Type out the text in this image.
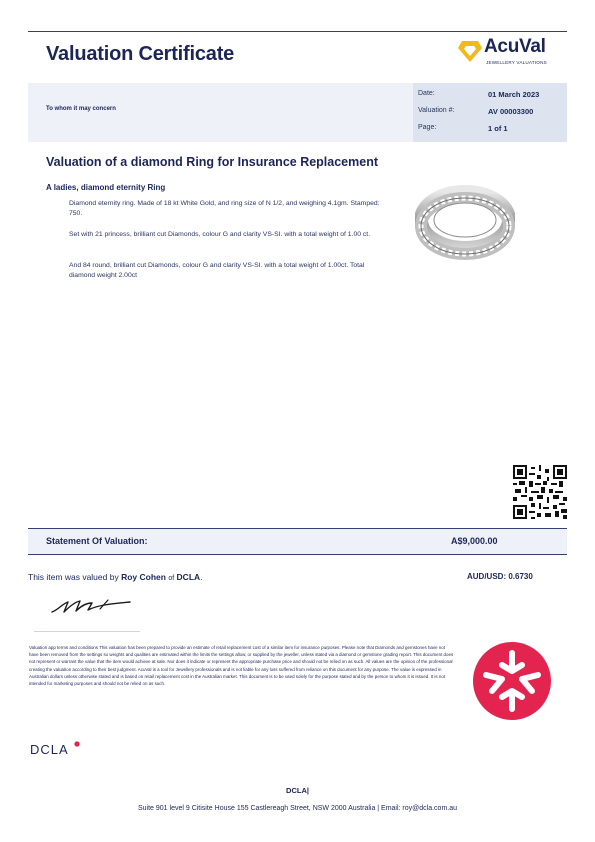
Valuation Certificate	AcuVal
JEWELLERY VALUATIONS
To whom it may concern
Date:	01 March 2023
Valuation #:	AV 00003300
Page:	1 of 1
Valuation of a diamond Ring for Insurance Replacement
A ladies, diamond eternity Ring
Diamond eternity ring. Made of 18 kt White Gold, and ring size of N 1/2, and weighing 4.1gm. Stamped: 750.
Set with 21 princess, brilliant cut Diamonds, colour G and clarity VS-SI. with a total weight of 1.00 ct.
And 84 round, brilliant cut Diamonds, colour G and clarity VS-SI. with a total weight of 1.00ct. Total diamond weight 2.00ct
Statement Of Valuation:	A$9,000.00
This item was valued by Roy Cohen of DCLA.	AUD/USD: 0.6730
Valuation app terms and conditions This valuation has been prepared to provide an estimate of retail replacement cost of a similar item for insurance purposes. Please note that Diamonds and gemstones have not have been removed from the settings so weights and qualities are estimated within the limits the settings allow, or supplied by the jeweller, unless stated via a diamond or gemstone grading report. This document does not represent or warrant the value that the item would achieve at sale. Nor does it indicate or represent the appropriate purchase price and should not be relied on as such. All values are the opinion of the professional creating the valuation according to their best judgment. AcuVal is a tool for Jewellery professionals and is not liable for any loss suffered from reliance on this document for any purpose. The value is expressed in Australian dollars unless otherwise stated and is based on retail replacement cost in the Australian market. This document is to be used solely for the purpose stated and by the person to whom it is issued. It is not intended for marketing purposes and should not be relied on as such.
DCLA
DCLA|
Suite 901 level 9 Citisite House 155 Castlereagh Street, NSW 2000 Australia | Email: roy@dcla.com.au
